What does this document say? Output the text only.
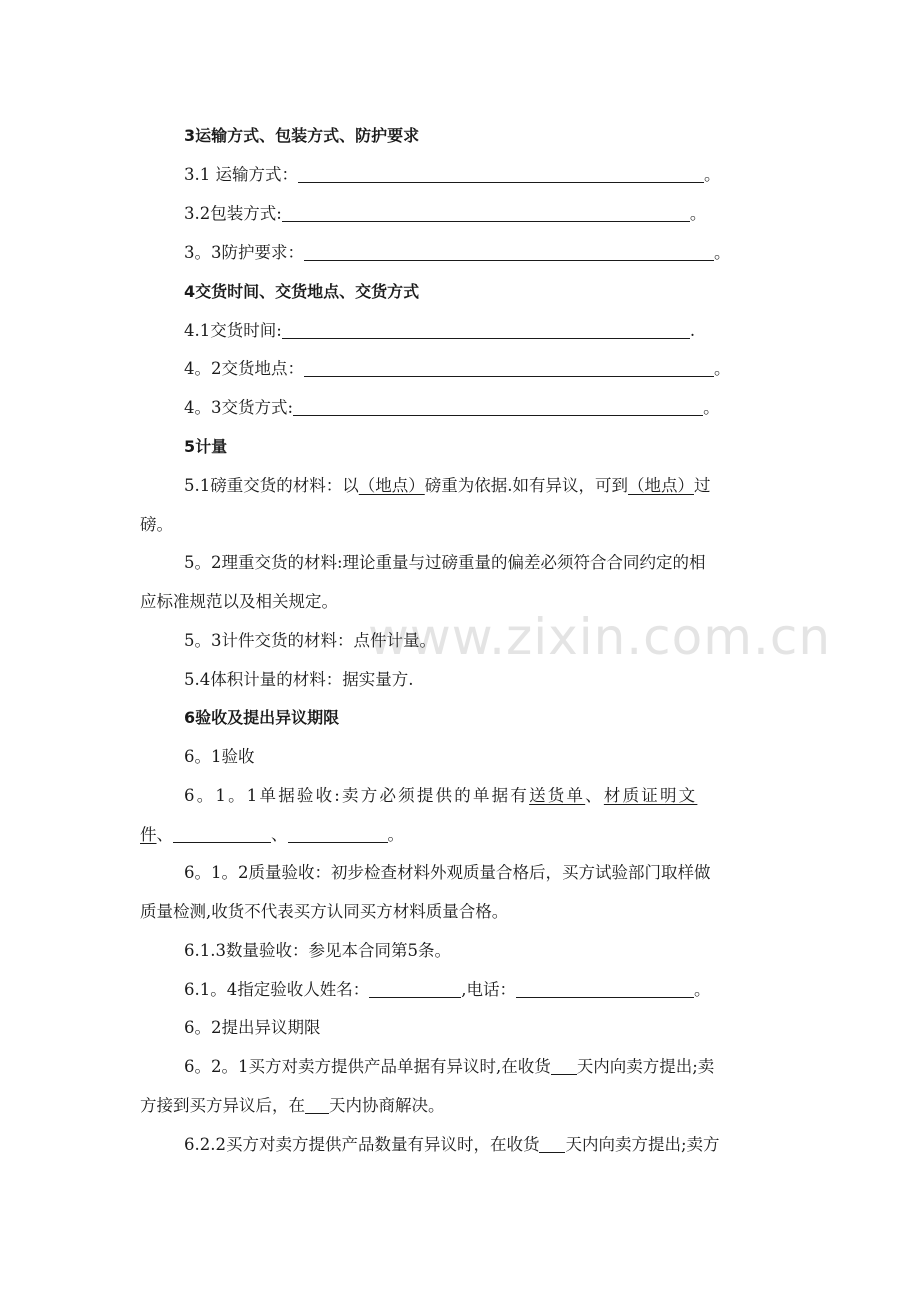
www.zixin.com.cn
3运输方式、包装方式、防护要求
3.1 运输方式：	。
3.2包装方式:	。
3。3防护要求：	。
4交货时间、交货地点、交货方式
4.1交货时间:	.
4。2交货地点：	。
4。3交货方式:	。
5计量
5.1磅重交货的材料：以（地点）磅重为依据.如有异议，可到（地点）过
磅。
5。2理重交货的材料:理论重量与过磅重量的偏差必须符合合同约定的相
应标准规范以及相关规定。
5。3计件交货的材料：点件计量。
5.4体积计量的材料：据实量方.
6验收及提出异议期限
6。1验收
6。1。1单据验收:卖方必须提供的单据有送货单、材质证明文
件、	、	。
6。1。2质量验收：初步检查材料外观质量合格后，买方试验部门取样做
质量检测,收货不代表买方认同买方材料质量合格。
6.1.3数量验收：参见本合同第5条。
6.1。4指定验收人姓名：	,电话：	。
6。2提出异议期限
6。2。1买方对卖方提供产品单据有异议时,在收货 天内向卖方提出;卖
方接到买方异议后，在 天内协商解决。
6.2.2买方对卖方提供产品数量有异议时，在收货 天内向卖方提出;卖方
